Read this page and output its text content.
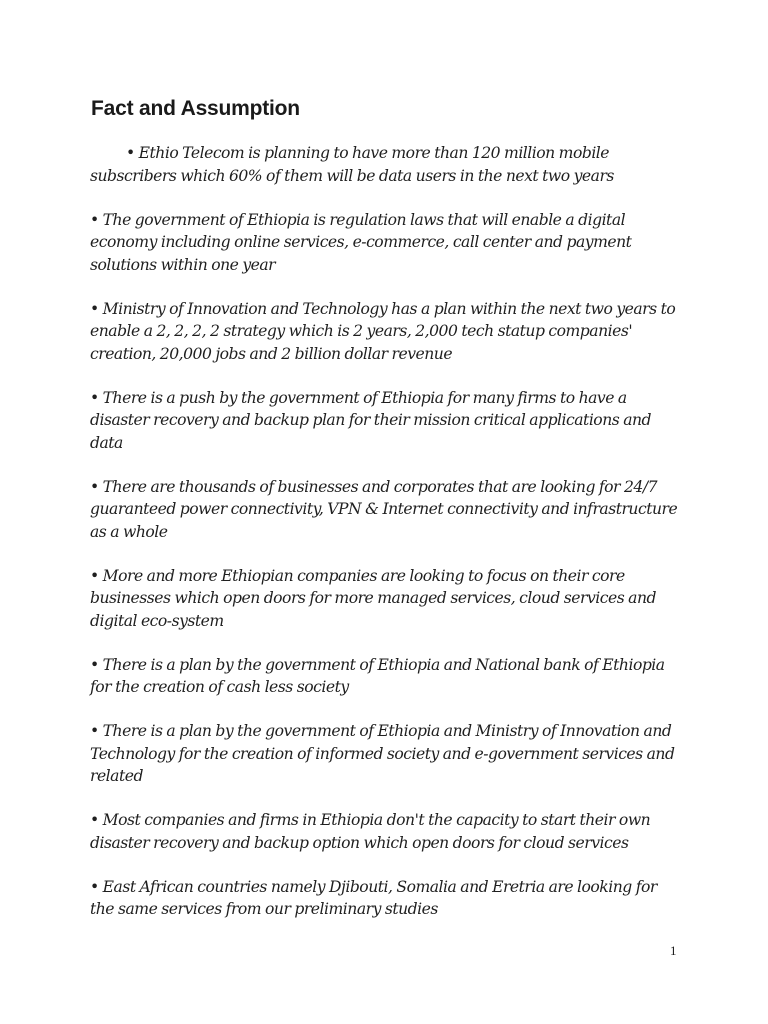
Fact and Assumption
• Ethio Telecom is planning to have more than 120 million mobile subscribers which 60% of them will be data users in the next two years
• The government of Ethiopia is regulation laws that will enable a digital economy including online services, e-commerce, call center and payment solutions within one year
• Ministry of Innovation and Technology has a plan within the next two years to enable a 2, 2, 2, 2 strategy which is 2 years, 2,000 tech statup companies' creation, 20,000 jobs and 2 billion dollar revenue
• There is a push by the government of Ethiopia for many firms to have a disaster recovery and backup plan for their mission critical applications and data
• There are thousands of businesses and corporates that are looking for 24/7 guaranteed power connectivity, VPN & Internet connectivity and infrastructure as a whole
• More and more Ethiopian companies are looking to focus on their core businesses which open doors for more managed services, cloud services and digital eco-system
• There is a plan by the government of Ethiopia and National bank of Ethiopia for the creation of cash less society
• There is a plan by the government of Ethiopia and Ministry of Innovation and Technology for the creation of informed society and e-government services and related
• Most companies and firms in Ethiopia don't the capacity to start their own disaster recovery and backup option which open doors for cloud services
• East African countries namely Djibouti, Somalia and Eretria are looking for the same services from our preliminary studies
1
